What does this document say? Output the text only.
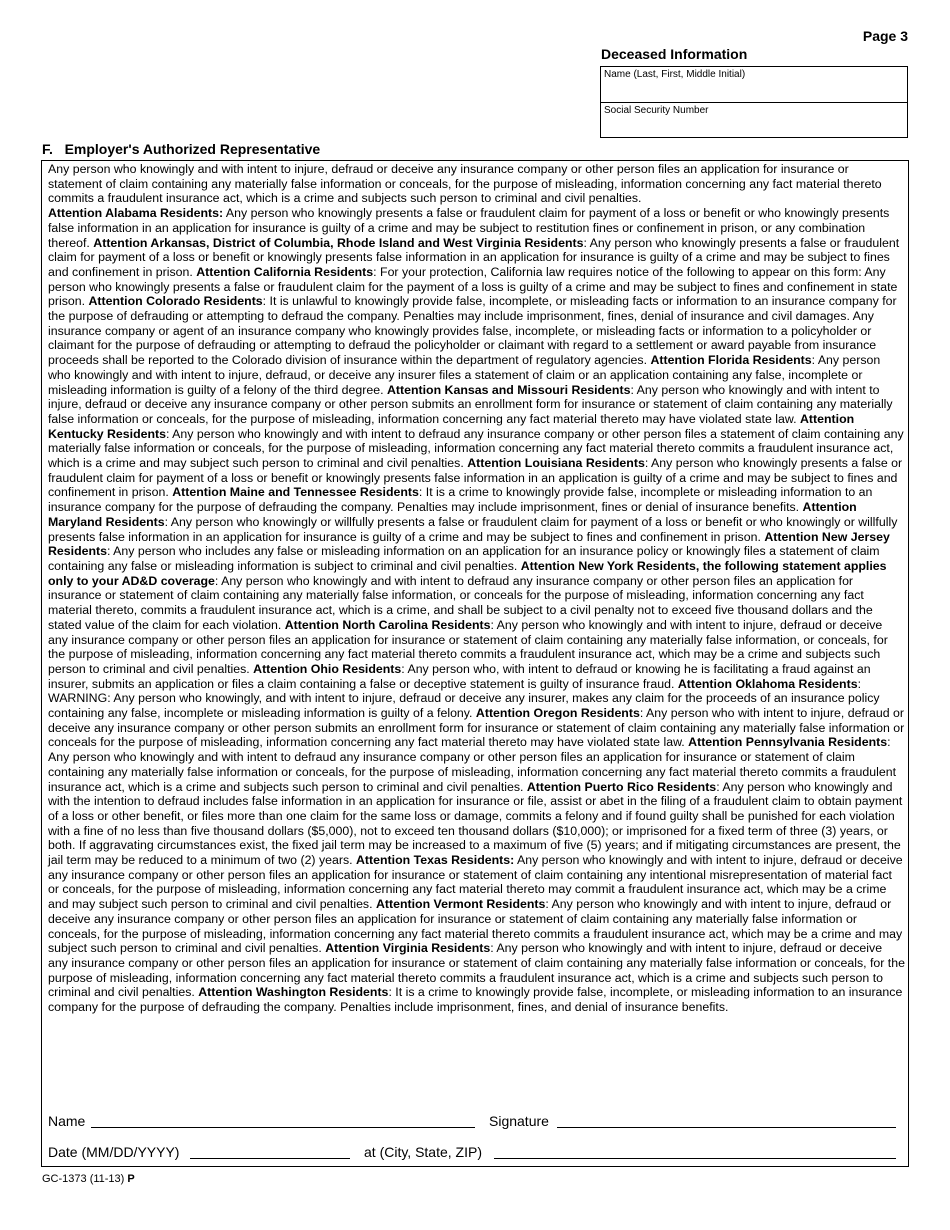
Page 3
Deceased Information
Name (Last, First, Middle Initial)
Social Security Number
F. Employer's Authorized Representative
Any person who knowingly and with intent to injure, defraud or deceive any insurance company or other person files an application for insurance or statement of claim containing any materially false information or conceals, for the purpose of misleading, information concerning any fact material thereto commits a fraudulent insurance act, which is a crime and subjects such person to criminal and civil penalties.
Attention Alabama Residents: Any person who knowingly presents a false or fraudulent claim for payment of a loss or benefit or who knowingly presents false information in an application for insurance is guilty of a crime and may be subject to restitution fines or confinement in prison, or any combination thereof. Attention Arkansas, District of Columbia, Rhode Island and West Virginia Residents: Any person who knowingly presents a false or fraudulent claim for payment of a loss or benefit or knowingly presents false information in an application for insurance is guilty of a crime and may be subject to fines and confinement in prison. Attention California Residents: For your protection, California law requires notice of the following to appear on this form: Any person who knowingly presents a false or fraudulent claim for the payment of a loss is guilty of a crime and may be subject to fines and confinement in state prison. Attention Colorado Residents: It is unlawful to knowingly provide false, incomplete, or misleading facts or information to an insurance company for the purpose of defrauding or attempting to defraud the company. Penalties may include imprisonment, fines, denial of insurance and civil damages. Any insurance company or agent of an insurance company who knowingly provides false, incomplete, or misleading facts or information to a policyholder or claimant for the purpose of defrauding or attempting to defraud the policyholder or claimant with regard to a settlement or award payable from insurance proceeds shall be reported to the Colorado division of insurance within the department of regulatory agencies. Attention Florida Residents: Any person who knowingly and with intent to injure, defraud, or deceive any insurer files a statement of claim or an application containing any false, incomplete or misleading information is guilty of a felony of the third degree. Attention Kansas and Missouri Residents: Any person who knowingly and with intent to injure, defraud or deceive any insurance company or other person submits an enrollment form for insurance or statement of claim containing any materially false information or conceals, for the purpose of misleading, information concerning any fact material thereto may have violated state law. Attention Kentucky Residents: Any person who knowingly and with intent to defraud any insurance company or other person files a statement of claim containing any materially false information or conceals, for the purpose of misleading, information concerning any fact material thereto commits a fraudulent insurance act, which is a crime and may subject such person to criminal and civil penalties. Attention Louisiana Residents: Any person who knowingly presents a false or fraudulent claim for payment of a loss or benefit or knowingly presents false information in an application is guilty of a crime and may be subject to fines and confinement in prison. Attention Maine and Tennessee Residents: It is a crime to knowingly provide false, incomplete or misleading information to an insurance company for the purpose of defrauding the company. Penalties may include imprisonment, fines or denial of insurance benefits. Attention Maryland Residents: Any person who knowingly or willfully presents a false or fraudulent claim for payment of a loss or benefit or who knowingly or willfully presents false information in an application for insurance is guilty of a crime and may be subject to fines and confinement in prison. Attention New Jersey Residents: Any person who includes any false or misleading information on an application for an insurance policy or knowingly files a statement of claim containing any false or misleading information is subject to criminal and civil penalties. Attention New York Residents, the following statement applies only to your AD&D coverage: Any person who knowingly and with intent to defraud any insurance company or other person files an application for insurance or statement of claim containing any materially false information, or conceals for the purpose of misleading, information concerning any fact material thereto, commits a fraudulent insurance act, which is a crime, and shall be subject to a civil penalty not to exceed five thousand dollars and the stated value of the claim for each violation. Attention North Carolina Residents: Any person who knowingly and with intent to injure, defraud or deceive any insurance company or other person files an application for insurance or statement of claim containing any materially false information, or conceals, for the purpose of misleading, information concerning any fact material thereto commits a fraudulent insurance act, which may be a crime and subjects such person to criminal and civil penalties. Attention Ohio Residents: Any person who, with intent to defraud or knowing he is facilitating a fraud against an insurer, submits an application or files a claim containing a false or deceptive statement is guilty of insurance fraud. Attention Oklahoma Residents: WARNING: Any person who knowingly, and with intent to injure, defraud or deceive any insurer, makes any claim for the proceeds of an insurance policy containing any false, incomplete or misleading information is guilty of a felony. Attention Oregon Residents: Any person who with intent to injure, defraud or deceive any insurance company or other person submits an enrollment form for insurance or statement of claim containing any materially false information or conceals for the purpose of misleading, information concerning any fact material thereto may have violated state law. Attention Pennsylvania Residents: Any person who knowingly and with intent to defraud any insurance company or other person files an application for insurance or statement of claim containing any materially false information or conceals, for the purpose of misleading, information concerning any fact material thereto commits a fraudulent insurance act, which is a crime and subjects such person to criminal and civil penalties. Attention Puerto Rico Residents: Any person who knowingly and with the intention to defraud includes false information in an application for insurance or file, assist or abet in the filing of a fraudulent claim to obtain payment of a loss or other benefit, or files more than one claim for the same loss or damage, commits a felony and if found guilty shall be punished for each violation with a fine of no less than five thousand dollars ($5,000), not to exceed ten thousand dollars ($10,000); or imprisoned for a fixed term of three (3) years, or both. If aggravating circumstances exist, the fixed jail term may be increased to a maximum of five (5) years; and if mitigating circumstances are present, the jail term may be reduced to a minimum of two (2) years. Attention Texas Residents: Any person who knowingly and with intent to injure, defraud or deceive any insurance company or other person files an application for insurance or statement of claim containing any intentional misrepresentation of material fact or conceals, for the purpose of misleading, information concerning any fact material thereto may commit a fraudulent insurance act, which may be a crime and may subject such person to criminal and civil penalties. Attention Vermont Residents: Any person who knowingly and with intent to injure, defraud or deceive any insurance company or other person files an application for insurance or statement of claim containing any materially false information or conceals, for the purpose of misleading, information concerning any fact material thereto commits a fraudulent insurance act, which may be a crime and may subject such person to criminal and civil penalties. Attention Virginia Residents: Any person who knowingly and with intent to injure, defraud or deceive any insurance company or other person files an application for insurance or statement of claim containing any materially false information or conceals, for the purpose of misleading, information concerning any fact material thereto commits a fraudulent insurance act, which is a crime and subjects such person to criminal and civil penalties. Attention Washington Residents: It is a crime to knowingly provide false, incomplete, or misleading information to an insurance company for the purpose of defrauding the company. Penalties include imprisonment, fines, and denial of insurance benefits.
Name	Signature
Date (MM/DD/YYYY)	at (City, State, ZIP)
GC-1373 (11-13) P
